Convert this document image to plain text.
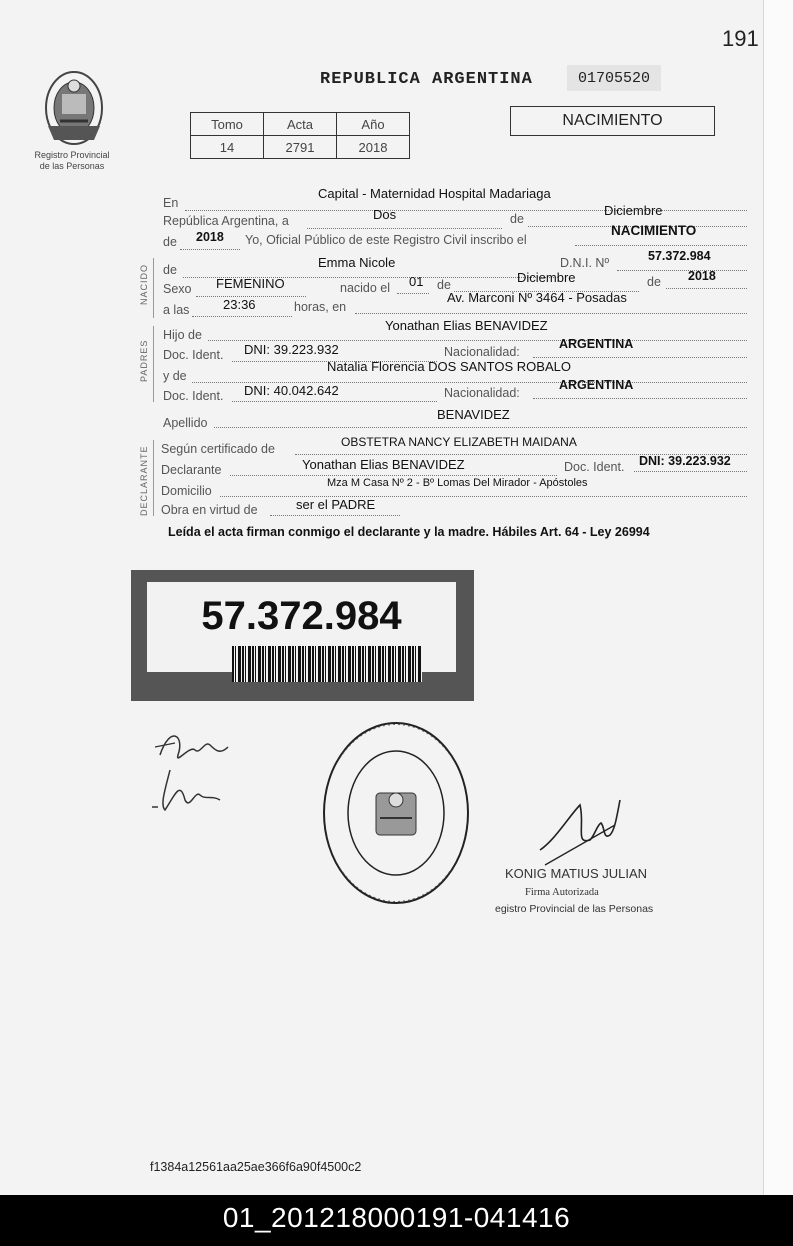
191
Registro Provincial
de las Personas
REPUBLICA ARGENTINA	01705520
Tomo	Acta	Año
14	2791	2018
NACIMIENTO
En
Capital - Maternidad Hospital Madariaga
República Argentina, a	Dos	de
Diciembre
de 2018 Yo, Oficial Público de este Registro Civil inscribo el
NACIMIENTO
NACIDO de	Emma Nicole	D.N.I. Nº	57.372.984
Sexo FEMENINO	nacido el 01 de	Diciembre	de 2018
a las	23:36	horas, en
Av. Marconi Nº 3464 - Posadas
PADRES
Hijo de
Yonathan Elias BENAVIDEZ
Doc. Ident. DNI: 39.223.932	Nacionalidad:
ARGENTINA
y de
Natalia Florencia DOS SANTOS ROBALO
Doc. Ident. DNI: 40.042.642	Nacionalidad:
ARGENTINA
Apellido
BENAVIDEZ
DECLARANTE Según certificado de	OBSTETRA NANCY ELIZABETH MAIDANA
Declarante	Yonathan Elias BENAVIDEZ	Doc. Ident. DNI: 39.223.932
Domicilio
Mza M Casa Nº 2 - Bº Lomas Del Mirador - Apóstoles
Obra en virtud de	ser el PADRE
Leída el acta firman conmigo el declarante y la madre. Hábiles Art. 64 - Ley 26994
57.372.984
KONIG MATIUS JULIAN
Firma Autorizada
egistro Provincial de las Personas
f1384a12561aa25ae366f6a90f4500c2
01_201218000191-041416
